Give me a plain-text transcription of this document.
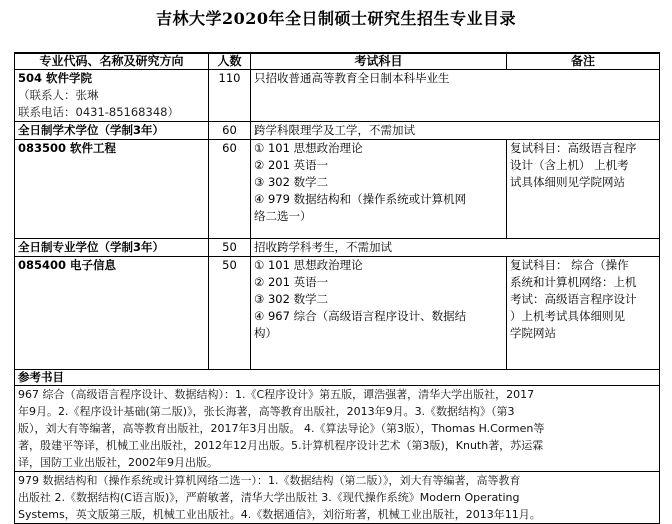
吉林大学2020年全日制硕士研究生招生专业目录
专业代码、名称及研究方向	人数	考试科目	备注

504 软件学院
（联系人：张琳
联系电话：0431-85168348）	110	只招收普通高等教育全日制本科毕业生	
全日制学术学位（学制3年）	60	跨学科限理学及工学，不需加试	
083500 软件工程	60	① 101 思想政治理论
② 201 英语一
③ 302 数学二
④ 979 数据结构和（操作系统或计算机网
络二选一）	复试科目：高级语言程序
设计（含上机） 上机考
试具体细则见学院网站

全日制专业学位（学制3年）	50	招收跨学科考生，不需加试	
085400 电子信息	50	① 101 思想政治理论
② 201 英语一
③ 302 数学二
④ 967 综合（高级语言程序设计、数据结
构）	复试科目： 综合（操作
系统和计算机网络：上机
考试：高级语言程序设计
）上机考试具体细则见
学院网站

参考书目			

967 综合（高级语言程序设计、数据结构）：1.《C程序设计》第五版，谭浩强著，清华大学出版社，2017
年9月。2.《程序设计基础(第二版)》，张长海著，高等教育出版社，2013年9月。3.《数据结构》（第3
版），刘大有等编著，高等教育出版社，2017年3月出版。 4.《算法导论》（第3版），Thomas H.Cormen等
著，殷建平等译，机械工业出版社，2012年12月出版。5.计算机程序设计艺术（第3版)，Knuth著，苏运霖
译，国防工业出版社，2002年9月出版。			

979 数据结构和（操作系统或计算机网络二选一）：1.《数据结构（第二版）》，刘大有等编著，高等教育
出版社 2.《数据结构(C语言版)》，严蔚敏著，清华大学出版社 3.《现代操作系统》Modern Operating
Systems，英文版第三版，机械工业出版社。4.《数据通信》，刘衍珩著，机械工业出版社，2013年11月。			
